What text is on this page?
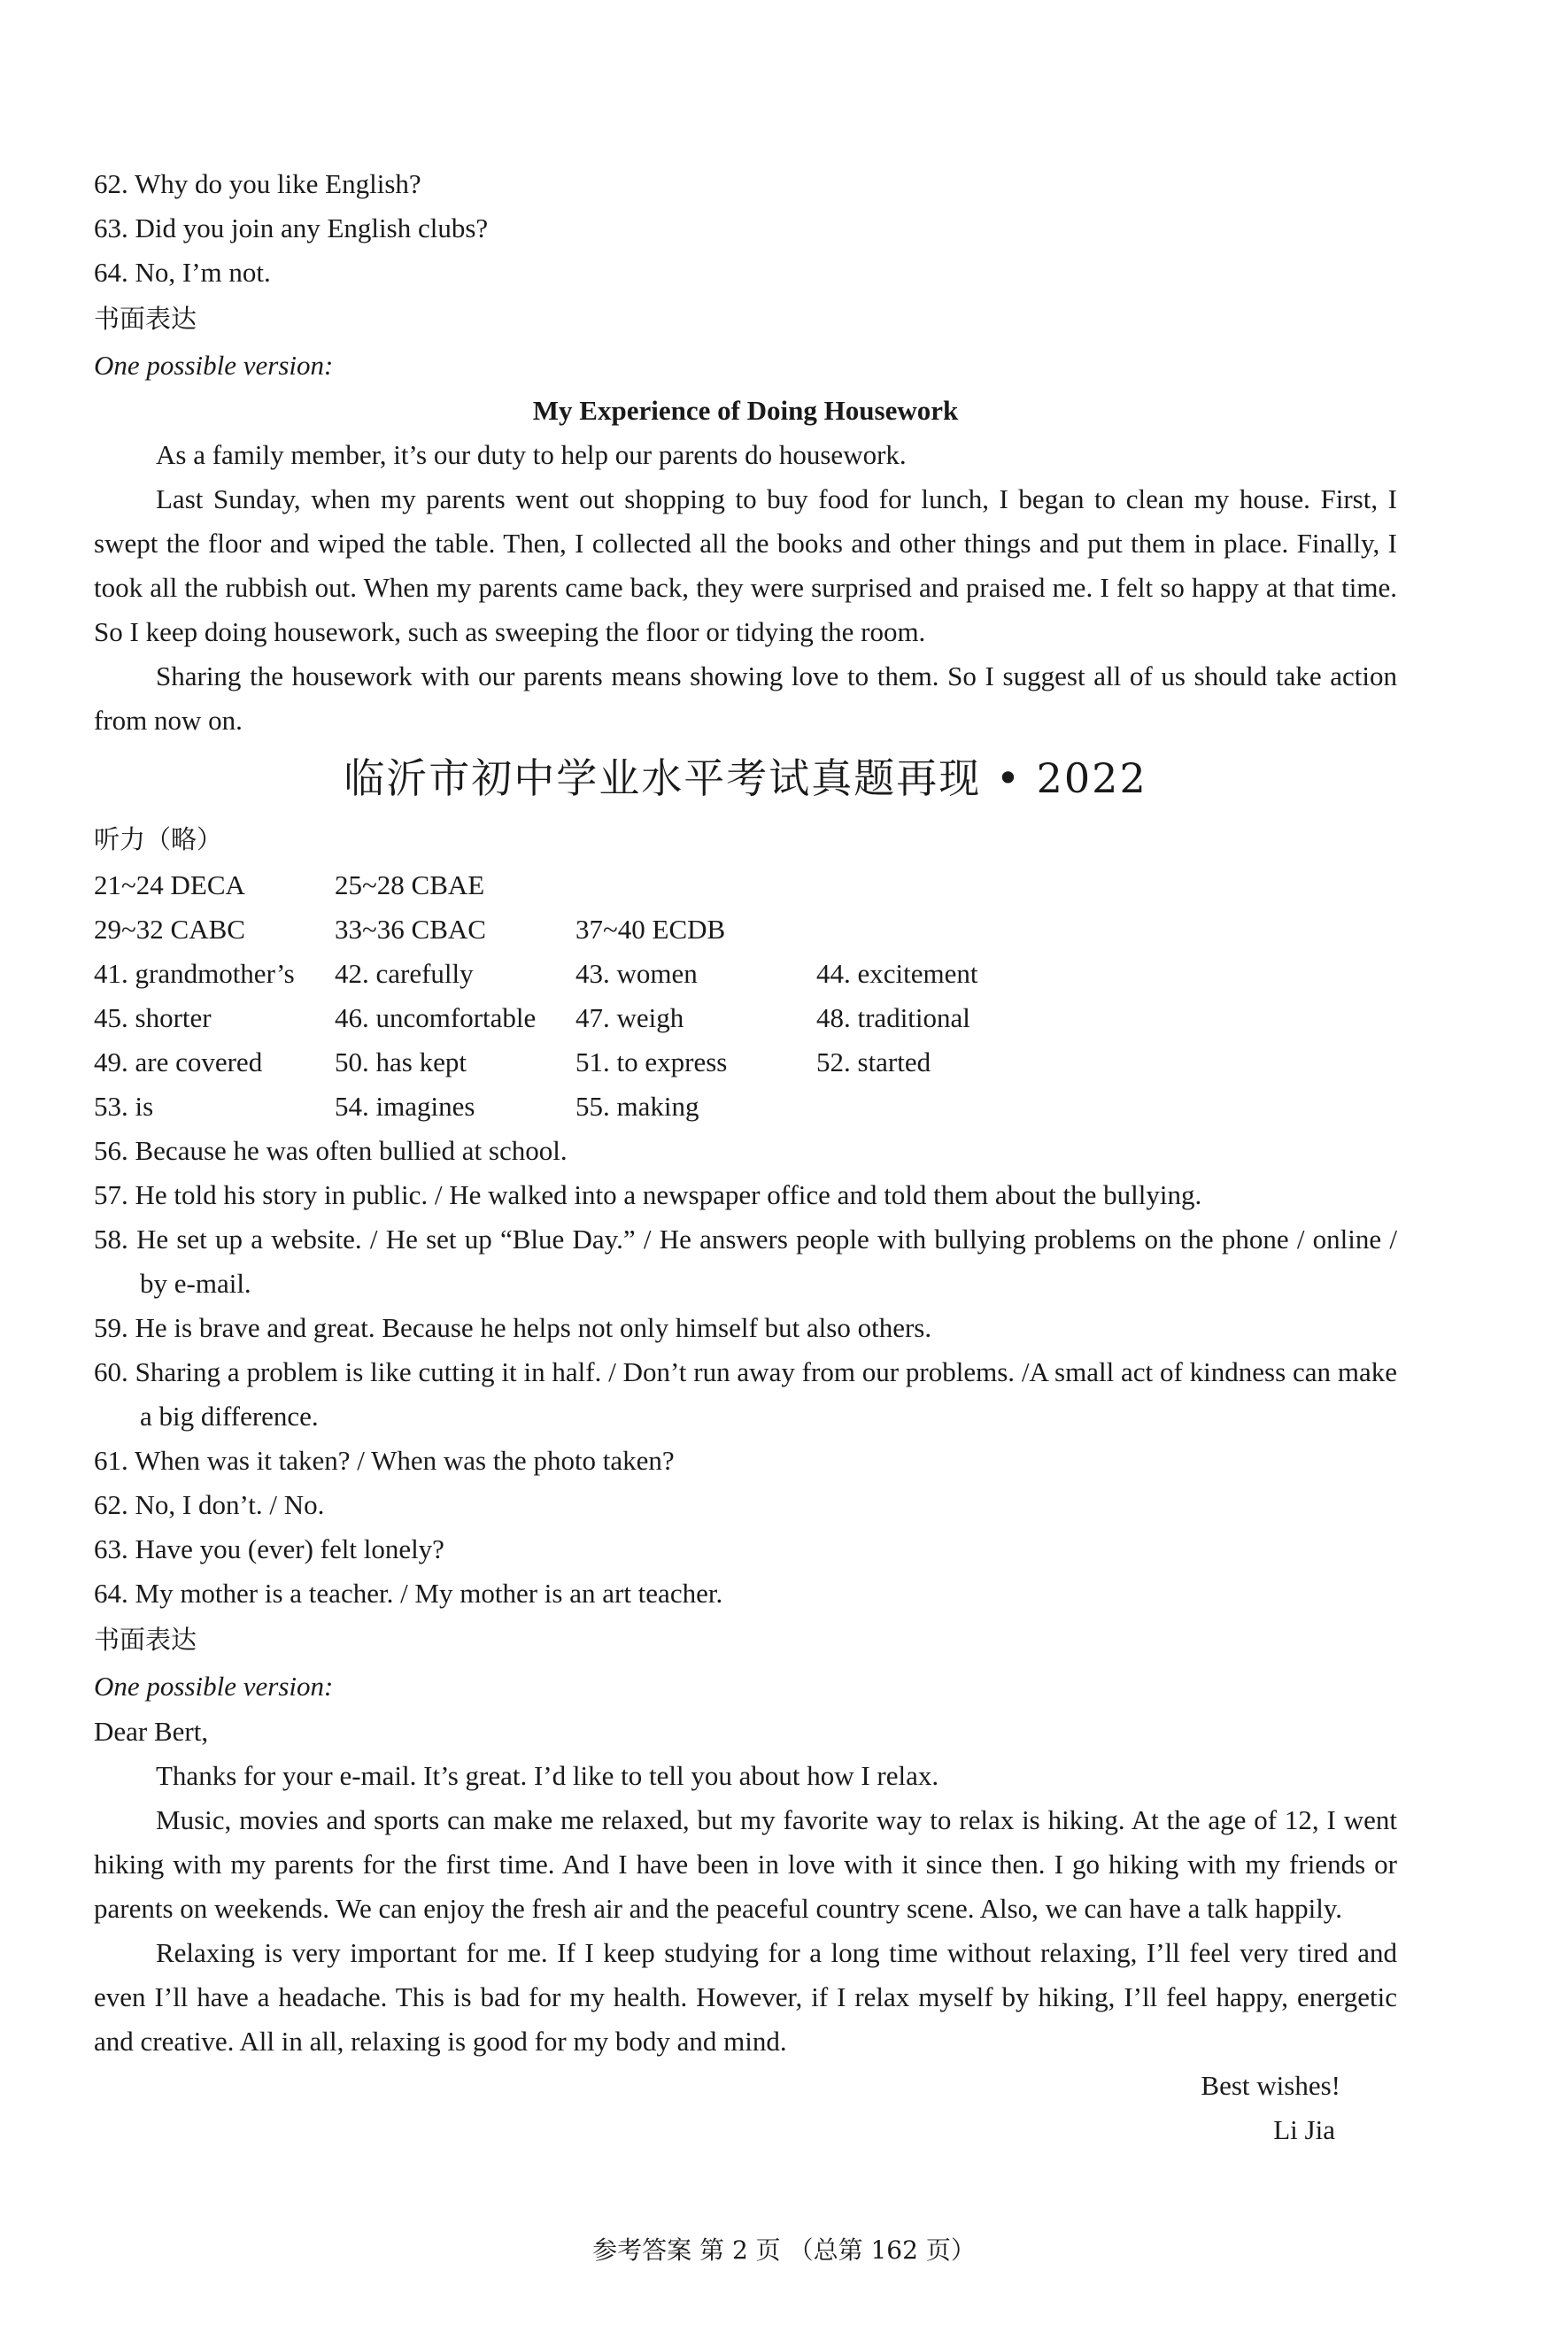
62. Why do you like English?
63. Did you join any English clubs?
64. No, I’m not.
书面表达
One possible version:
My Experience of Doing Housework
As a family member, it’s our duty to help our parents do housework.
Last Sunday, when my parents went out shopping to buy food for lunch, I began to clean my house. First, I swept the floor and wiped the table. Then, I collected all the books and other things and put them in place. Finally, I took all the rubbish out. When my parents came back, they were surprised and praised me. I felt so happy at that time. So I keep doing housework, such as sweeping the floor or tidying the room.
Sharing the housework with our parents means showing love to them. So I suggest all of us should take action from now on.
临沂市初中学业水平考试真题再现 • 2022
听力（略）
21~24 DECA	25~28 CBAE
29~32 CABC	33~36 CBAC	37~40 ECDB
41. grandmother’s	42. carefully	43. women	44. excitement
45. shorter	46. uncomfortable	47. weigh	48. traditional
49. are covered	50. has kept	51. to express	52. started
53. is	54. imagines	55. making
56. Because he was often bullied at school.
57. He told his story in public. / He walked into a newspaper office and told them about the bullying.
58. He set up a website. / He set up “Blue Day.” / He answers people with bullying problems on the phone / online / by e-mail.
59. He is brave and great. Because he helps not only himself but also others.
60. Sharing a problem is like cutting it in half. / Don’t run away from our problems. /A small act of kindness can make a big difference.
61. When was it taken? / When was the photo taken?
62. No, I don’t. / No.
63. Have you (ever) felt lonely?
64. My mother is a teacher. / My mother is an art teacher.
书面表达
One possible version:
Dear Bert,
Thanks for your e-mail. It’s great. I’d like to tell you about how I relax.
Music, movies and sports can make me relaxed, but my favorite way to relax is hiking. At the age of 12, I went hiking with my parents for the first time. And I have been in love with it since then. I go hiking with my friends or parents on weekends. We can enjoy the fresh air and the peaceful country scene. Also, we can have a talk happily.
Relaxing is very important for me. If I keep studying for a long time without relaxing, I’ll feel very tired and even I’ll have a headache. This is bad for my health. However, if I relax myself by hiking, I’ll feel happy, energetic and creative. All in all, relaxing is good for my body and mind.
Best wishes!
Li Jia
参考答案 第 2 页 （总第 162 页）
